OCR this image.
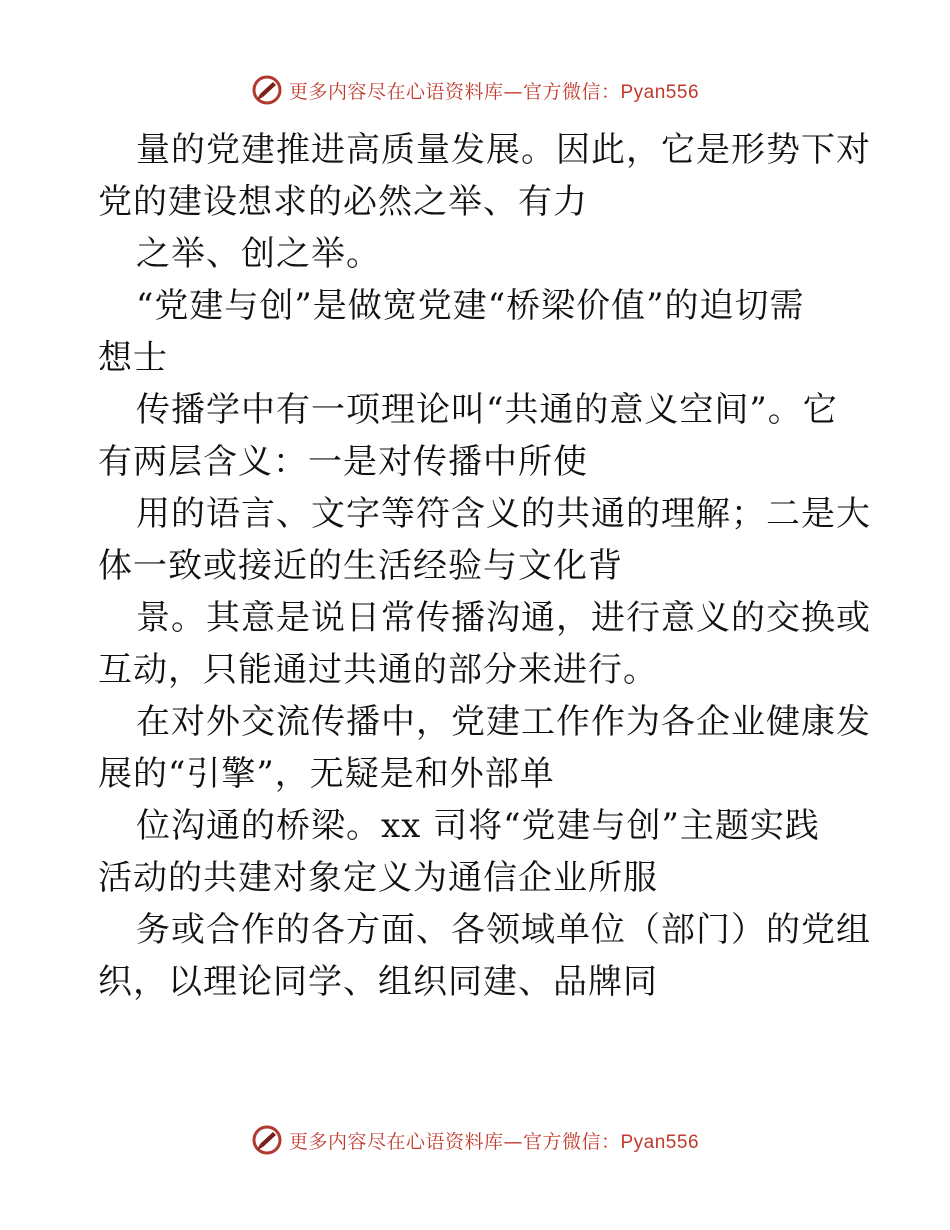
更多内容尽在心语资料库—官方微信：Pyan556
量的党建推进高质量发展。因此，它是形势下对
党的建设想求的必然之举、有力
之举、创之举。
“党建与创”是做宽党建“桥梁价值”的迫切需
想士
传播学中有一项理论叫“共通的意义空间”。它
有两层含义：一是对传播中所使
用的语言、文字等符含义的共通的理解；二是大
体一致或接近的生活经验与文化背
景。其意是说日常传播沟通，进行意义的交换或
互动，只能通过共通的部分来进行。
在对外交流传播中，党建工作作为各企业健康发
展的“引擎”，无疑是和外部单
位沟通的桥梁。xx 司将“党建与创”主题实践
活动的共建对象定义为通信企业所服
务或合作的各方面、各领域单位（部门）的党组
织，以理论同学、组织同建、品牌同
更多内容尽在心语资料库—官方微信：Pyan556
